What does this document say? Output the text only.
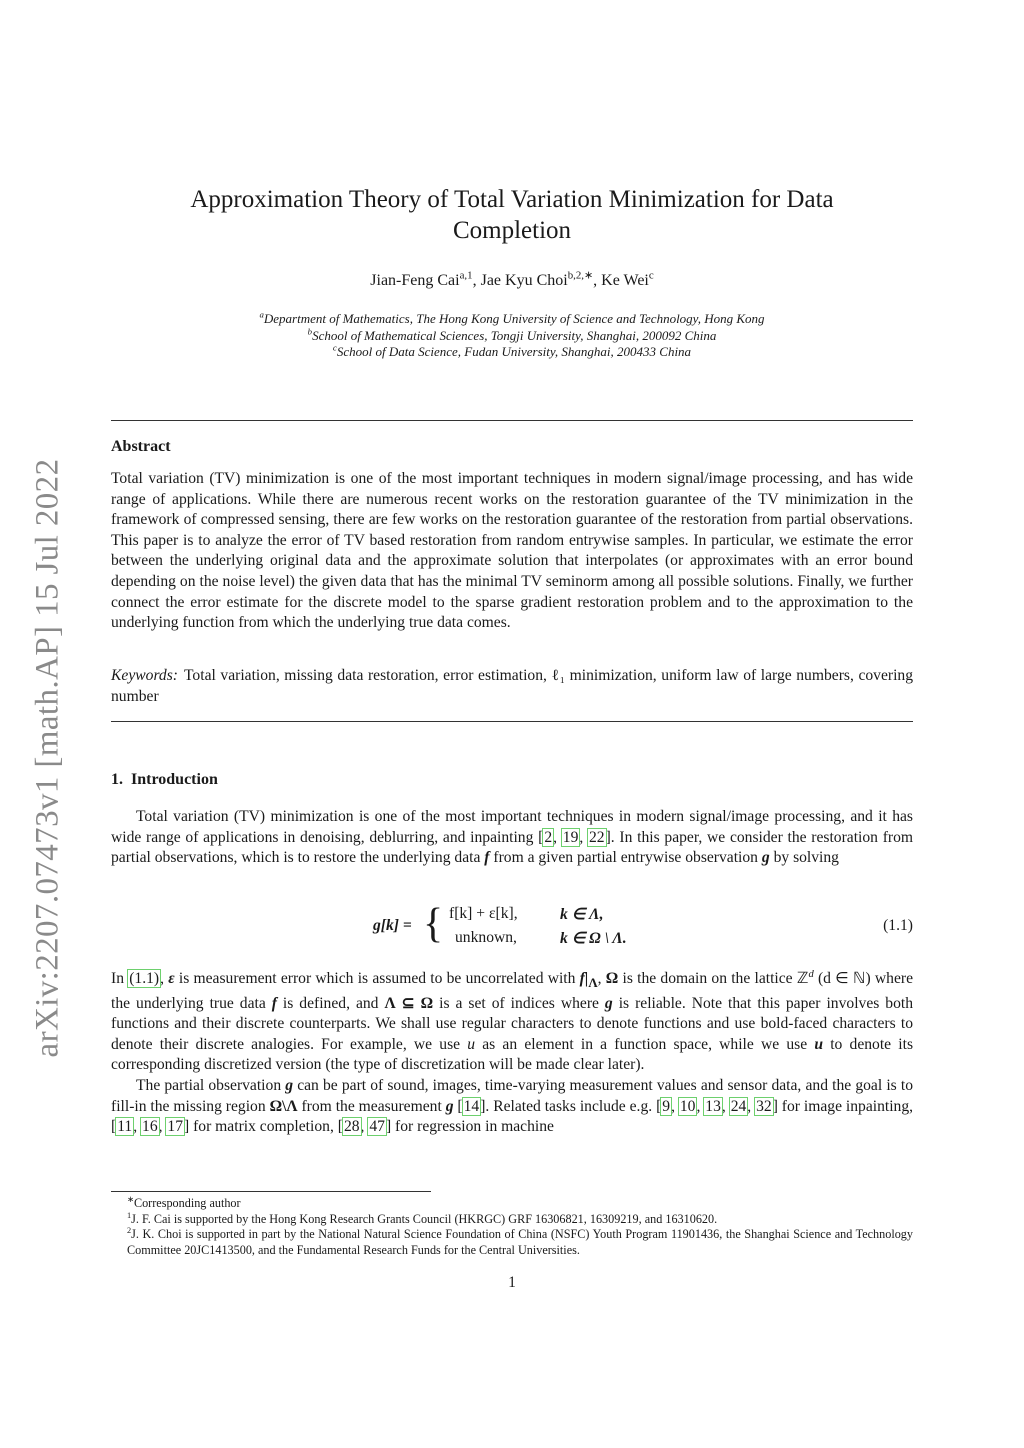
arXiv:2207.07473v1 [math.AP] 15 Jul 2022
Approximation Theory of Total Variation Minimization for Data
Completion
Jian-Feng Cai$^{a,1}$, Jae Kyu Choi$^{b,2,∗}$, Ke Wei$^c$
$^a$Department of Mathematics, The Hong Kong University of Science and Technology, Hong Kong
$^b$School of Mathematical Sciences, Tongji University, Shanghai, 200092 China
$^c$School of Data Science, Fudan University, Shanghai, 200433 China
Abstract

Total variation (TV) minimization is one of the most important techniques in modern signal/image processing, and has wide range of applications. While there are numerous recent works on the restoration guarantee of the TV minimization in the framework of compressed sensing, there are few works on the restoration guarantee of the restoration from partial observations. This paper is to analyze the error of TV based restoration from random entrywise samples. In particular, we estimate the error between the underlying original data and the approximate solution that interpolates (or approximates with an error bound depending on the noise level) the given data that has the minimal TV seminorm among all possible solutions. Finally, we further connect the error estimate for the discrete model to the sparse gradient restoration problem and to the approximation to the underlying function from which the underlying true data comes.

Keywords: Total variation, missing data restoration, error estimation, ℓ₁ minimization, uniform law of large numbers, covering number

1. Introduction

Total variation (TV) minimization is one of the most important techniques in modern signal/image processing, and it has wide range of applications in denoising, deblurring, and inpainting [2, 19, 22]. In this paper, we consider the restoration from partial observations, which is to restore the underlying data f from a given partial entrywise observation g by solving

g[k] = { f[k] + ε[k],
unknown,
k ∈ Λ,
k ∈ Ω \ Λ.
(1.1)

In (1.1), ε is measurement error which is assumed to be uncorrelated with $f|_\Lambda$, Ω is the domain on the lattice ℤ$^d$ (d ∈ ℕ) where the underlying true data f is defined, and Λ ⊆ Ω is a set of indices where g is reliable. Note that this paper involves both functions and their discrete counterparts. We shall use regular characters to denote functions and use bold-faced characters to denote their discrete analogies. For example, we use u as an element in a function space, while we use u to denote its corresponding discretized version (the type of discretization will be made clear later).

The partial observation g can be part of sound, images, time-varying measurement values and sensor data, and the goal is to fill-in the missing region Ω\Λ from the measurement g [14]. Related tasks include e.g. [9, 10, 13, 24, 32] for image inpainting, [11, 16, 17] for matrix completion, [28, 47] for regression in machine

∗Corresponding author

$^1$J. F. Cai is supported by the Hong Kong Research Grants Council (HKRGC) GRF 16306821, 16309219, and 16310620.

$^2$J. K. Choi is supported in part by the National Natural Science Foundation of China (NSFC) Youth Program 11901436, the Shanghai Science and Technology Committee 20JC1413500, and the Fundamental Research Funds for the Central Universities.

1
